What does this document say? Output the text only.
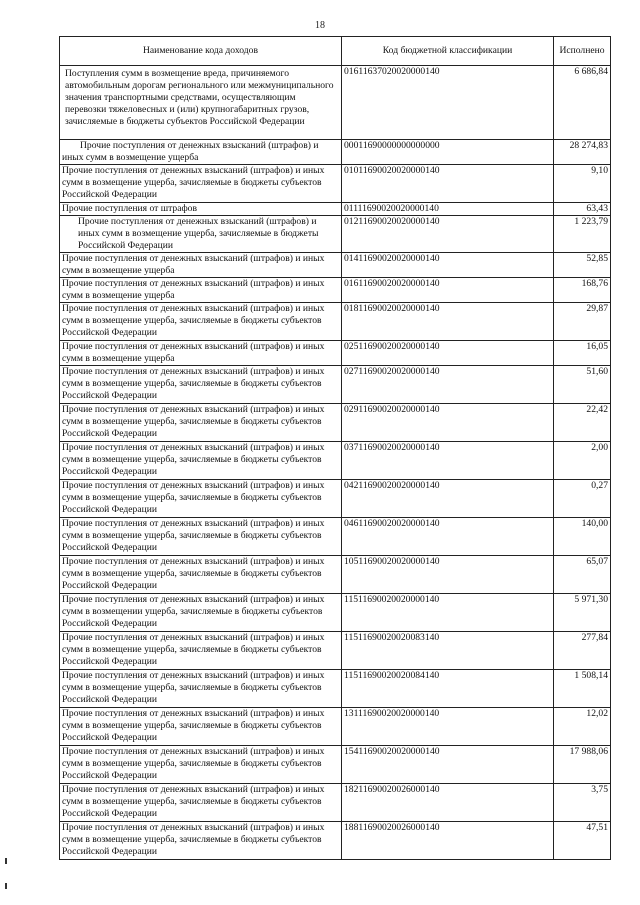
18
Наименование кода доходов	Код бюджетной классификации	Исполнено
Поступления сумм в возмещение вреда, причиняемого автомобильным дорогам регионального или межмуниципального значения транспортными средствами, осуществляющим перевозки тяжеловесных и (или) крупногабаритных грузов, зачисляемые в бюджеты субъектов Российской Федерации	01611637020020000140	6 686,84
Прочие поступления от денежных взысканий (штрафов) и иных сумм в возмещение ущерба	00011690000000000000	28 274,83
Прочие поступления от денежных взысканий (штрафов) и иных сумм в возмещение ущерба, зачисляемые в бюджеты субъектов Российской Федерации	01011690020020000140	9,10
Прочие поступления от штрафов	01111690020020000140	63,43
Прочие поступления от денежных взысканий (штрафов) и иных сумм в возмещение ущерба, зачисляемые в бюджеты Российской Федерации	01211690020020000140	1 223,79
Прочие поступления от денежных взысканий (штрафов) и иных сумм в возмещение ущерба	01411690020020000140	52,85
Прочие поступления от денежных взысканий (штрафов) и иных сумм в возмещение ущерба	01611690020020000140	168,76
Прочие поступления от денежных взысканий (штрафов) и иных сумм в возмещение ущерба, зачисляемые в бюджеты субъектов Российской Федерации	01811690020020000140	29,87
Прочие поступления от денежных взысканий (штрафов) и иных сумм в возмещение ущерба	02511690020020000140	16,05
Прочие поступления от денежных взысканий (штрафов) и иных сумм в возмещение ущерба, зачисляемые в бюджеты субъектов Российской Федерации	02711690020020000140	51,60
Прочие поступления от денежных взысканий (штрафов) и иных сумм в возмещение ущерба, зачисляемые в бюджеты субъектов Российской Федерации	02911690020020000140	22,42
Прочие поступления от денежных взысканий (штрафов) и иных сумм в возмещение ущерба, зачисляемые в бюджеты субъектов Российской Федерации	03711690020020000140	2,00
Прочие поступления от денежных взысканий (штрафов) и иных сумм в возмещение ущерба, зачисляемые в бюджеты субъектов Российской Федерации	04211690020020000140	0,27
Прочие поступления от денежных взысканий (штрафов) и иных сумм в возмещение ущерба, зачисляемые в бюджеты субъектов Российской Федерации	04611690020020000140	140,00
Прочие поступления от денежных взысканий (штрафов) и иных сумм в возмещение ущерба, зачисляемые в бюджеты субъектов Российской Федерации	10511690020020000140	65,07
Прочие поступления от денежных взысканий (штрафов) и иных сумм в возмещении ущерба, зачисляемые в бюджеты субъектов Российской Федерации	11511690020020000140	5 971,30
Прочие поступления от денежных взысканий (штрафов) и иных сумм в возмещение ущерба, зачисляемые в бюджеты субъектов Российской Федерации	11511690020020083140	277,84
Прочие поступления от денежных взысканий (штрафов) и иных сумм в возмещение ущерба, зачисляемые в бюджеты субъектов Российской Федерации	11511690020020084140	1 508,14
Прочие поступления от денежных взысканий (штрафов) и иных сумм в возмещение ущерба, зачисляемые в бюджеты субъектов Российской Федерации	13111690020020000140	12,02
Прочие поступления от денежных взысканий (штрафов) и иных сумм в возмещение ущерба, зачисляемые в бюджеты субъектов Российской Федерации	15411690020020000140	17 988,06
Прочие поступления от денежных взысканий (штрафов) и иных сумм в возмещение ущерба, зачисляемые в бюджеты субъектов Российской Федерации	18211690020026000140	3,75
Прочие поступления от денежных взысканий (штрафов) и иных сумм в возмещение ущерба, зачисляемые в бюджеты субъектов Российской Федерации	18811690020026000140	47,51
